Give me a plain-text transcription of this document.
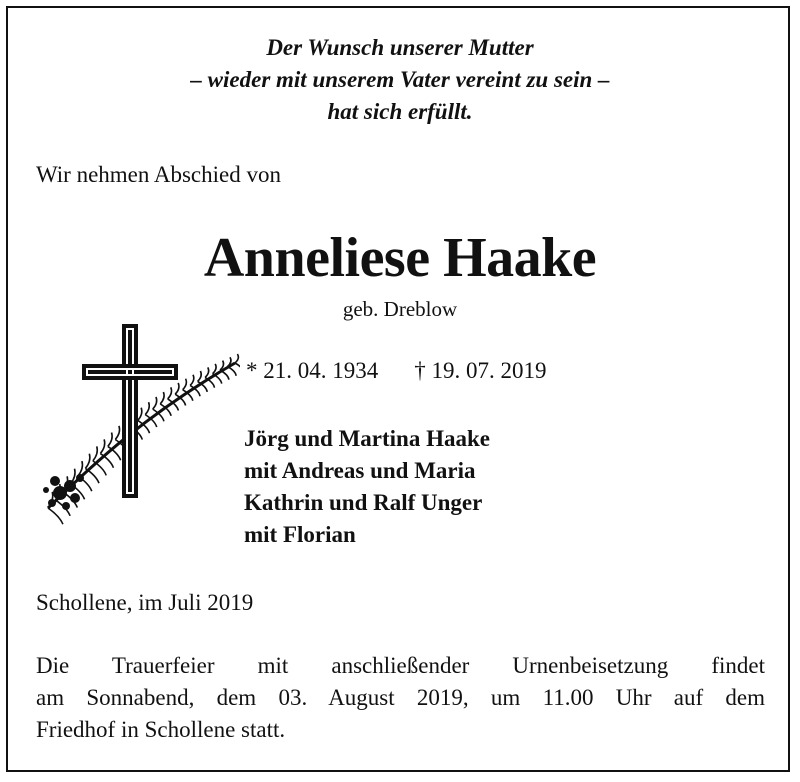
Der Wunsch unserer Mutter
– wieder mit unserem Vater vereint zu sein –
hat sich erfüllt.
Wir nehmen Abschied von
Anneliese Haake
geb. Dreblow
* 21. 04. 1934 † 19. 07. 2019
Jörg und Martina Haake
mit Andreas und Maria
Kathrin und Ralf Unger
mit Florian
Schollene, im Juli 2019
Die Trauerfeier mit anschließender Urnenbeisetzung findet
am Sonnabend, dem 03. August 2019, um 11.00 Uhr auf dem
Friedhof in Schollene statt.
